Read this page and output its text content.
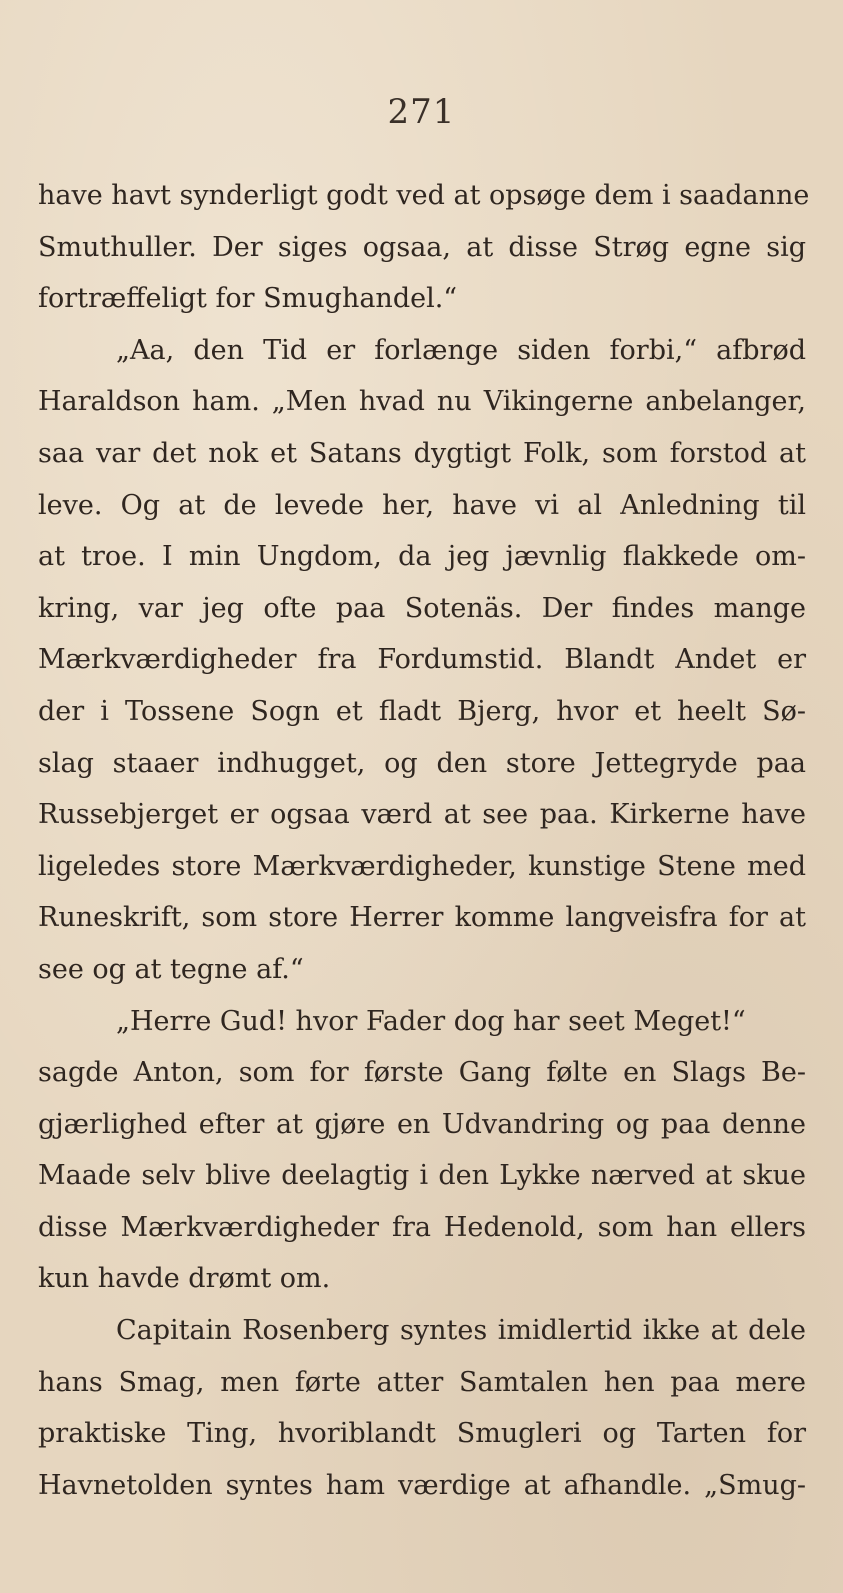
271
have havt synderligt godt ved at opsøge dem i saadanne
Smuthuller. Der siges ogsaa, at disse Strøg egne sig
fortræffeligt for Smughandel.“
„Aa, den Tid er forlænge siden forbi,“ afbrød
Haraldson ham. „Men hvad nu Vikingerne anbelanger,
saa var det nok et Satans dygtigt Folk, som forstod at
leve. Og at de levede her, have vi al Anledning til
at troe. I min Ungdom, da jeg jævnlig flakkede om-
kring, var jeg ofte paa Sotenäs. Der findes mange
Mærkværdigheder fra Fordumstid. Blandt Andet er
der i Tossene Sogn et fladt Bjerg, hvor et heelt Sø-
slag staaer indhugget, og den store Jettegryde paa
Russebjerget er ogsaa værd at see paa. Kirkerne have
ligeledes store Mærkværdigheder, kunstige Stene med
Runeskrift, som store Herrer komme langveisfra for at
see og at tegne af.“
„Herre Gud! hvor Fader dog har seet Meget!“
sagde Anton, som for første Gang følte en Slags Be-
gjærlighed efter at gjøre en Udvandring og paa denne
Maade selv blive deelagtig i den Lykke nærved at skue
disse Mærkværdigheder fra Hedenold, som han ellers
kun havde drømt om.
Capitain Rosenberg syntes imidlertid ikke at dele
hans Smag, men førte atter Samtalen hen paa mere
praktiske Ting, hvoriblandt Smugleri og Tarten for
Havnetolden syntes ham værdige at afhandle. „Smug-
